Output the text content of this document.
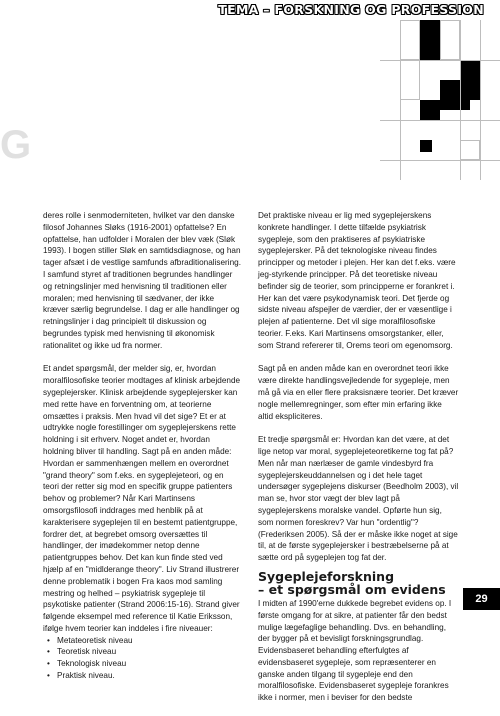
TEMA – FORSKNING OG PROFESSION
G

deres rolle i senmoderniteten, hvilket var den danske filosof Johannes Sløks (1916-2001) opfattelse? En opfattelse, han udfolder i Moralen der blev væk (Sløk 1993). I bogen stiller Sløk en samtidsdiagnose, og han tager afsæt i de vestlige samfunds afbraditionalisering. I samfund styret af traditionen begrundes handlinger og retningslinjer med henvisning til traditionen eller moralen; med henvisning til sædvaner, der ikke kræver særlig begrundelse. I dag er alle handlinger og retningslinjer i dag principielt til diskussion og begrundes typisk med henvisning til økonomisk rationalitet og ikke ud fra normer.

Et andet spørgsmål, der melder sig, er, hvordan moralfilosofiske teorier modtages af klinisk arbejdende sygeplejersker. Klinisk arbejdende sygeplejersker kan med rette have en forventning om, at teorierne omsættes i praksis. Men hvad vil det sige? Et er at udtrykke nogle forestillinger om sygeplejerskens rette holdning i sit erhverv. Noget andet er, hvordan holdning bliver til handling. Sagt på en anden måde: Hvordan er sammenhængen mellem en overordnet "grand theory" som f.eks. en sygeplejeteori, og en teori der retter sig mod en specifik gruppe patienters behov og problemer? Når Kari Martinsens omsorgsfilosofi inddrages med henblik på at karakterisere sygeplejen til en bestemt patientgruppe, fordrer det, at begrebet omsorg oversættes til handlinger, der imødekommer netop denne patientgruppes behov. Det kan kun finde sted ved hjælp af en "midlderange theory". Liv Strand illustrerer denne problematik i bogen Fra kaos mod samling mestring og helhed – psykiatrisk sygepleje til psykotiske patienter (Strand 2006:15-16). Strand giver følgende eksempel med reference til Katie Eriksson, ifølge hvem teorier kan inddeles i fire niveauer:

• Metateoretisk niveau
• Teoretisk niveau
• Teknologisk niveau
• Praktisk niveau.

Det praktiske niveau er lig med sygeplejerskens konkrete handlinger. I dette tilfælde psykiatrisk sygepleje, som den praktiseres af psykiatriske sygeplejersker. På det teknologiske niveau findes principper og metoder i plejen. Her kan det f.eks. være jeg-styrkende principper. På det teoretiske niveau befinder sig de teorier, som principperne er forankret i. Her kan det være psykodynamisk teori. Det fjerde og sidste niveau afspejler de værdier, der er væsentlige i plejen af patienterne. Det vil sige moralfilosofiske teorier. F.eks. Kari Martinsens omsorgstanker, eller, som Strand refererer til, Orems teori om egenomsorg.

Sagt på en anden måde kan en overordnet teori ikke være direkte handlingsvejledende for sygepleje, men må gå via en eller flere praksisnære teorier. Det kræver nogle mellemregninger, som efter min erfaring ikke altid ekspliciteres.

Et tredje spørgsmål er: Hvordan kan det være, at det lige netop var moral, sygeplejeteoretikerne tog fat på? Men når man nærlæser de gamle vindesbyrd fra sygeplejerskeuddannelsen og i det hele taget undersøger sygeplejens diskurser (Beedholm 2003), vil man se, hvor stor vægt der blev lagt på sygeplejerskens moralske vandel. Opførte hun sig, som normen foreskrev? Var hun "ordentlig"? (Frederiksen 2005). Så der er måske ikke noget at sige til, at de første sygeplejersker i bestræbelserne på at sætte ord på sygeplejen tog fat der.

Sygeplejeforskning
– et spørgsmål om evidens

I midten af 1990'erne dukkede begrebet evidens op. I første omgang for at sikre, at patienter får den bedst mulige lægefaglige behandling. Dvs. en behandling, der bygger på et bevisligt forskningsgrundlag. Evidensbaseret behandling efterfulgtes af evidensbaseret sygepleje, som repræsenterer en ganske anden tilgang til sygepleje end den moralfilosofiske. Evidensbaseret sygepleje forankres ikke i normer, men i beviser for den bedste

29
